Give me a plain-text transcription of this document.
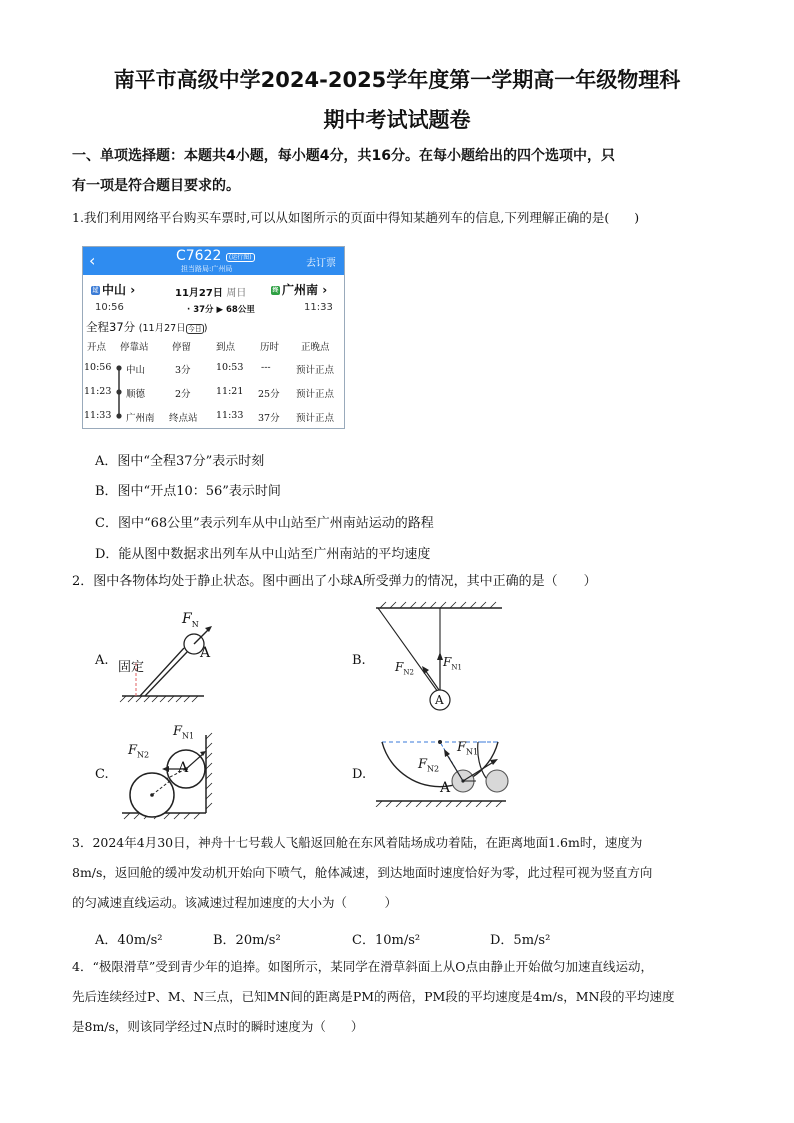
南平市高级中学2024-2025学年度第一学期高一年级物理科
期中考试试题卷
一、单项选择题：本题共4小题，每小题4分，共16分。在每小题给出的四个选项中，只
有一项是符合题目要求的。
1.我们利用网络平台购买车票时,可以从如图所示的页面中得知某趟列车的信息,下列理解正确的是(　　)
‹	C7622 (运行图)
担当路局:广州局	去订票
过 中山 ›	11月27日 周日	终 广州南 ›
10:56	· 37分 ▶ 68公里	11:33
全程37分 (11月27日 今日 )
开点 停靠站 停留	到点	历时 正晚点
10:56 中山	3分	10:53 ---	预计正点
11:23 顺德	2分	11:21 25分 预计正点
11:33 广州南 终点站 11:33 37分 预计正点
A．图中“全程37分”表示时刻
B．图中“开点10：56”表示时间
C．图中“68公里”表示列车从中山站至广州南站运动的路程
D．能从图中数据求出列车从中山站至广州南站的平均速度
2．图中各物体均处于静止状态。图中画出了小球A所受弹力的情况，其中正确的是（　　）
A. 固定
A
$F_N$
B.
A
$F_{N2}$
$F_{N1}$
C.	A
$F_{N2}$
$F_{N1}$
D.
A
$F_{N1}$
$F_{N2}$
3．2024年4月30日，神舟十七号载人飞船返回舱在东风着陆场成功着陆，在距离地面1.6m时，速度为
8m/s，返回舱的缓冲发动机开始向下喷气，舱体减速，到达地面时速度恰好为零，此过程可视为竖直方向
的匀减速直线运动。该减速过程加速度的大小为（　　　）
A．40m/s²	B．20m/s²	C．10m/s²	D．5m/s²
4．“极限滑草”受到青少年的追捧。如图所示，某同学在滑草斜面上从O点由静止开始做匀加速直线运动，
先后连续经过P、M、N三点，已知MN间的距离是PM的两倍，PM段的平均速度是4m/s，MN段的平均速度
是8m/s，则该同学经过N点时的瞬时速度为（　　）
